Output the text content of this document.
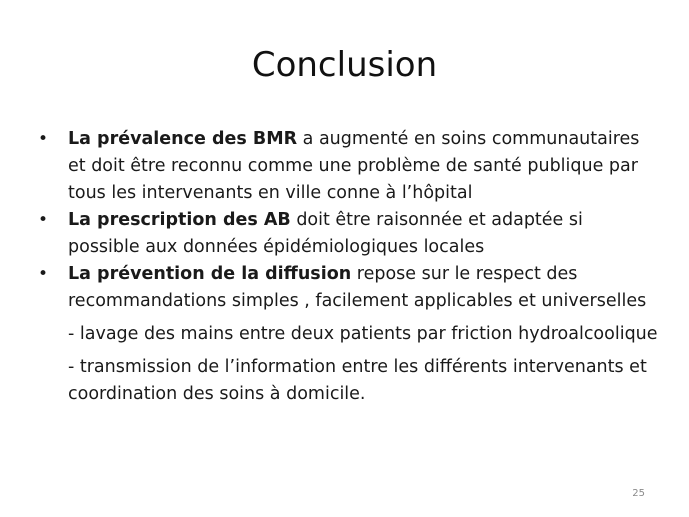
Conclusion
•	La prévalence des BMR a augmenté en soins communautaires et doit être reconnu comme une problème de santé publique par tous les intervenants en ville conne à l’hôpital
•	La prescription des AB doit être raisonnée et adaptée si possible aux données épidémiologiques locales
•	La prévention de la diffusion repose sur le respect des recommandations simples , facilement applicables et universelles
- lavage des mains entre deux patients par friction hydroalcoolique
- transmission de l’information entre les différents intervenants et coordination des soins à domicile.
25
